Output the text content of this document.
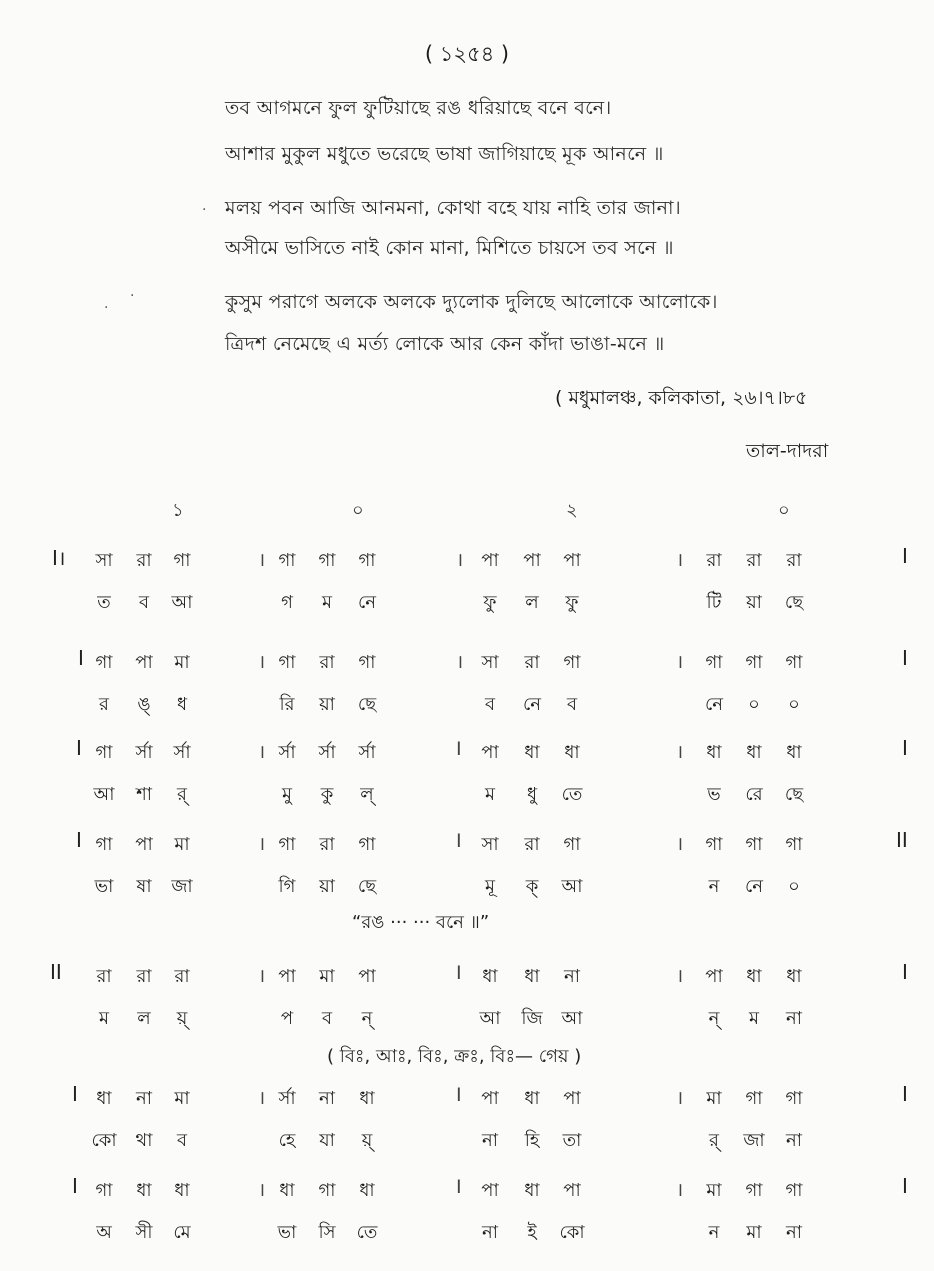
( ১২৫৪ )
তব আগমনে ফুল ফুটিয়াছে রঙ ধরিয়াছে বনে বনে।
আশার মুকুল মধুতে ভরেছে ভাষা জাগিয়াছে মূক আননে ॥
মলয় পবন আজি আনমনা, কোথা বহে যায় নাহি তার জানা।
অসীমে ভাসিতে নাই কোন মানা, মিশিতে চায়সে তব সনে ॥
কুসুম পরাগে অলকে অলকে দ্যুলোক দুলিছে আলোকে আলোকে।
ত্রিদশ নেমেছে এ মর্ত্য লোকে আর কেন কাঁদা ভাঙা-মনে ॥
.
·
·
( মধুমালঞ্চ, কলিকাতা, ২৬।৭।৮৫
তাল-দাদরা
১	০	২	০
I।	I
।	।	।
সা	রা	গা	গা	গা	গা	পা	পা	পা	রা	রা	রা
ত	ব	আ	গ	ম	নে	ফু	ল	ফু	টি	য়া	ছে
I	I
।	।	।
গা	পা	মা	গা	রা	গা	সা	রা	গা	গা	গা	গা
র	ঙ্	ধ	রি	য়া	ছে	ব	নে	ব	নে	০	০
I	I
।	I	।
গা	র্সা	র্সা	র্সা	র্সা	র্সা	পা	ধা	ধা	ধা	ধা	ধা
আ	শা	র্	মু	কু	ল্	ম	ধু	তে	ভ	রে	ছে
I	II
।	I	।
গা	পা	মা	গা	রা	গা	সা	রা	গা	গা	গা	গা
ভা	ষা	জা	গি	য়া	ছে	মূ	ক্	আ	ন	নে	০
“রঙ ··· ··· বনে ॥”
II	I
।	I	।
রা	রা	রা	পা	মা	পা	ধা	ধা	না	পা	ধা	ধা
ম	ল	য়্	প	ব	ন্	আ	জি	আ	ন্	ম	না
( বিঃ, আঃ, বিঃ, ক্রঃ, বিঃ— গেয় )
I	I
।	I	।
ধা	না	মা	র্সা	না	ধা	পা	ধা	পা	মা	গা	গা
কো	থা	ব	হে	যা	য়্	না	হি	তা	র্	জা	না
I	I
।	I	।
গা	ধা	ধা	ধা	গা	ধা	পা	ধা	পা	মা	গা	গা
অ	সী	মে	ভা	সি	তে	না	ই	কো	ন	মা	না
